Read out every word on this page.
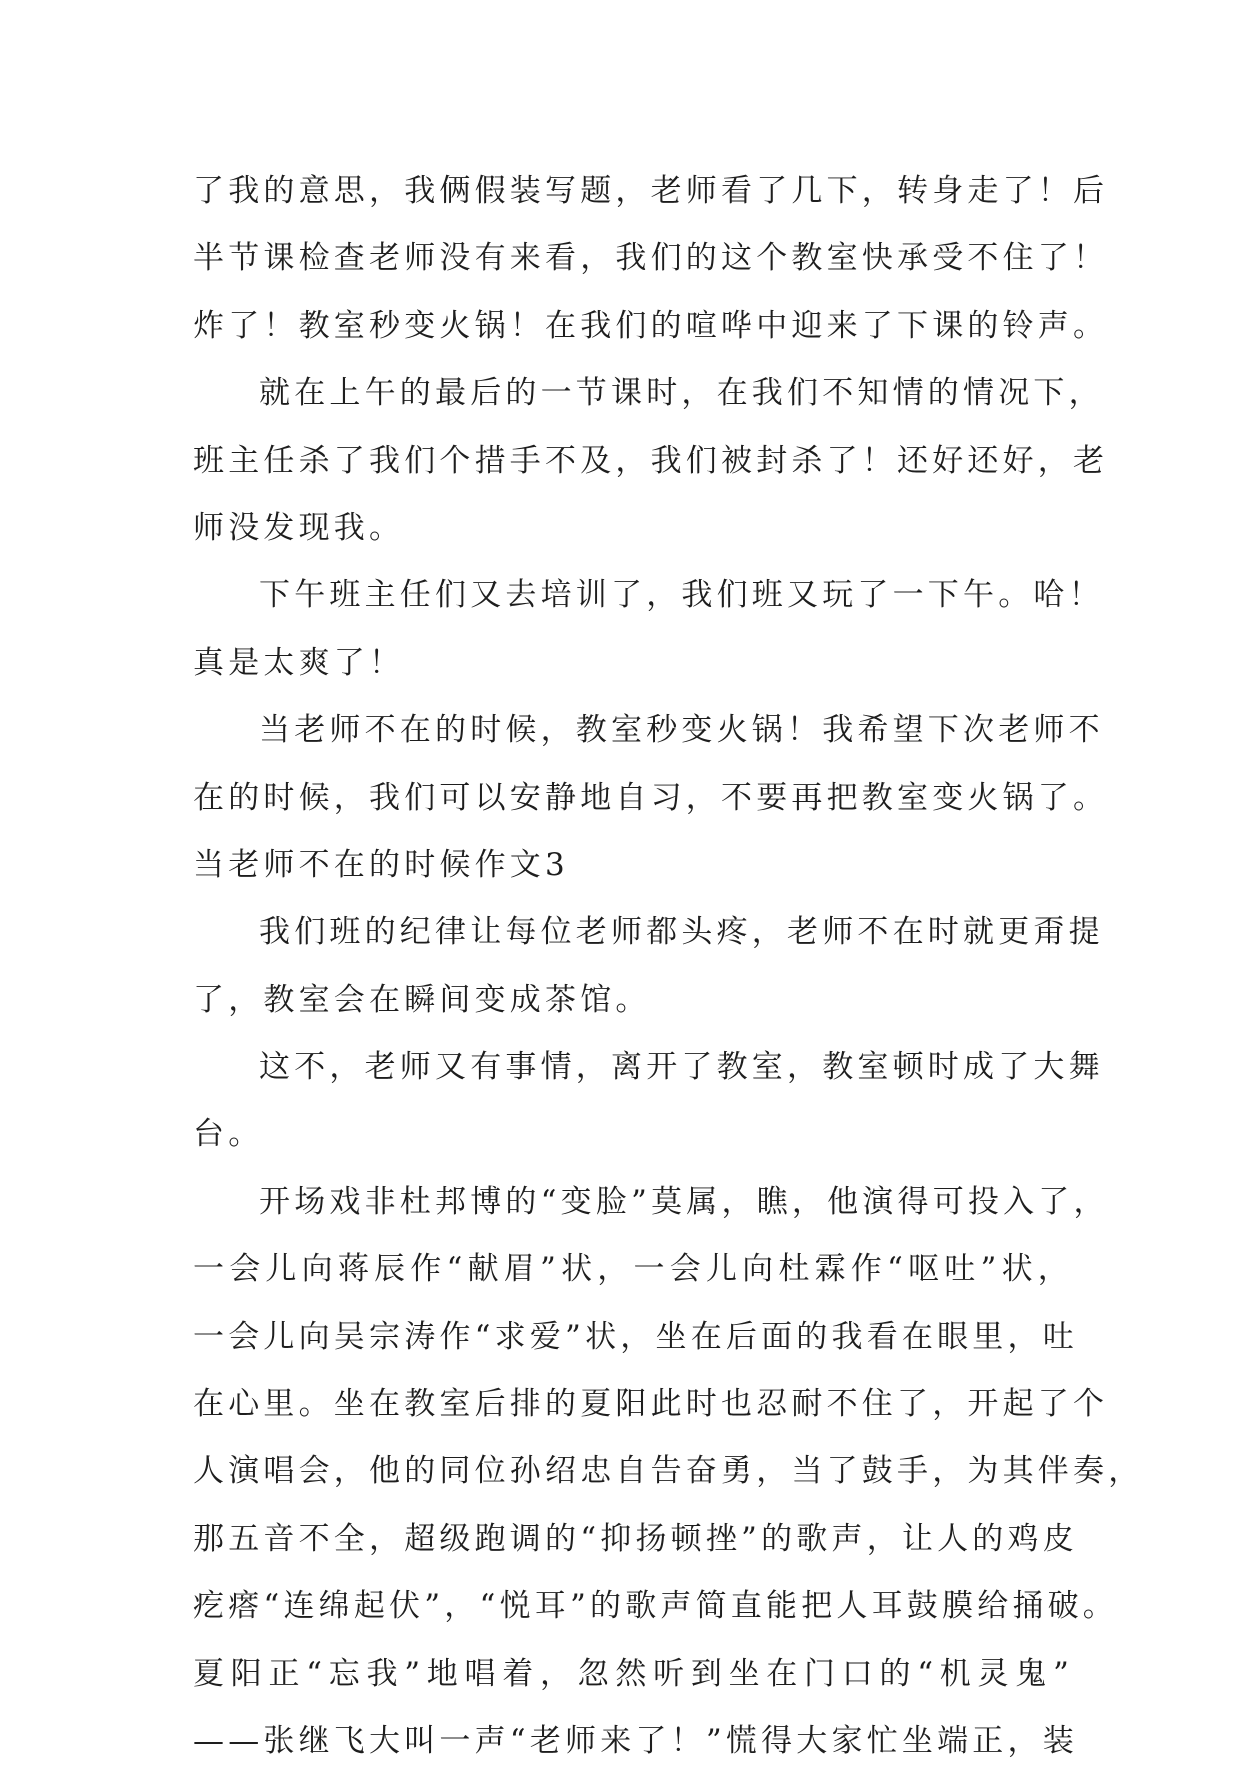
了我的意思，我俩假装写题，老师看了几下，转身走了！后
半节课检查老师没有来看，我们的这个教室快承受不住了！
炸了！教室秒变火锅！在我们的喧哗中迎来了下课的铃声。
就在上午的最后的一节课时，在我们不知情的情况下，
班主任杀了我们个措手不及，我们被封杀了！还好还好，老
师没发现我。
下午班主任们又去培训了，我们班又玩了一下午。哈！
真是太爽了！
当老师不在的时候，教室秒变火锅！我希望下次老师不
在的时候，我们可以安静地自习，不要再把教室变火锅了。
当老师不在的时候作文3
我们班的纪律让每位老师都头疼，老师不在时就更甭提
了，教室会在瞬间变成茶馆。
这不，老师又有事情，离开了教室，教室顿时成了大舞
台。
开场戏非杜邦博的“变脸”莫属，瞧，他演得可投入了，
一会儿向蒋辰作“献眉”状，一会儿向杜霖作“呕吐”状，
一会儿向吴宗涛作“求爱”状，坐在后面的我看在眼里，吐
在心里。坐在教室后排的夏阳此时也忍耐不住了，开起了个
人演唱会，他的同位孙绍忠自告奋勇，当了鼓手，为其伴奏，
那五音不全，超级跑调的“抑扬顿挫”的歌声，让人的鸡皮
疙瘩“连绵起伏”，“悦耳”的歌声简直能把人耳鼓膜给捅破。
夏阳正“忘我”地唱着，忽然听到坐在门口的“机灵鬼”
——张继飞大叫一声“老师来了！”慌得大家忙坐端正，装
